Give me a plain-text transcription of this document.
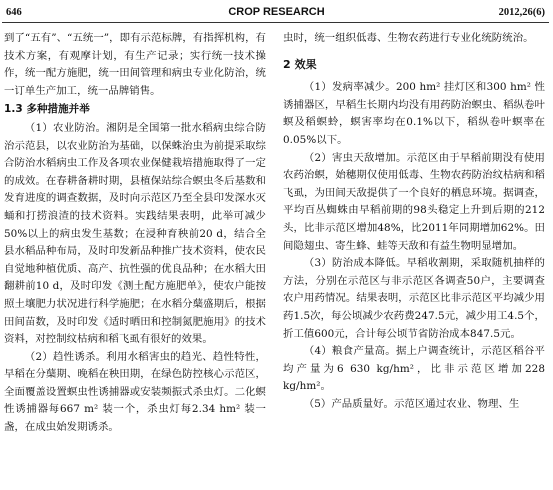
646	CROP RESEARCH	2012,26(6)

到了“五有”、“五统一”，即有示范标牌，有指挥机构，有技术方案，有观摩计划，有生产记录；实行统一技术操作，统一配方施肥，统一田间管理和病虫专业化防治，统一订单生产加工，统一品牌销售。

1.3 多种措施并举

（1）农业防治。湘阴是全国第一批水稻病虫综合防治示范县，以农业防治为基础，以保蛛治虫为前提采取综合防治水稻病虫工作及各项农业保健栽培措施取得了一定的成效。在春耕备耕时期，县植保站综合螟虫冬后基数和发育进度的调查数据，及时向示范区乃至全县印发深水灭蛹和打捞浪渣的技术资料。实践结果表明，此举可减少50%以上的病虫发生基数；在浸种育秧前20 d，结合全县水稻品种布局，及时印发新品种推广技术资料，使农民自觉地种植优质、高产、抗性强的优良品种；在水稻大田翻耕前10 d，及时印发《测土配方施肥单》，使农户能按照土壤肥力状况进行科学施肥；在水稻分蘖盛期后，根据田间苗数，及时印发《适时晒田和控制氮肥施用》的技术资料，对控制纹枯病和稻飞虱有很好的效果。

（2）趋性诱杀。利用水稻害虫的趋光、趋性特性，早稻在分蘖期、晚稻在秧田期，在绿色防控核心示范区，全面覆盖设置螟虫性诱捕器或安装频振式杀虫灯。二化螟性诱捕器每667 m² 装一个，杀虫灯每2.34 hm² 装一盏，在成虫始发期诱杀。

虫时，统一组织低毒、生物农药进行专业化统防统治。

2 效果

（1）发病率减少。200 hm² 挂灯区和300 hm² 性诱捕器区，早稻生长期内均没有用药防治螟虫、稻纵卷叶螟及稻螟蛉，螟害率均在0.1%以下，稻纵卷叶螟率在0.05%以下。

（2）害虫天敌增加。示范区由于早稻前期没有使用农药治螟，始穗期仅使用低毒、生物农药防治纹枯病和稻飞虱，为田间天敌提供了一个良好的栖息环境。据调查，平均百丛蜘蛛由早稻前期的98头稳定上升到后期的212头，比非示范区增加48%，比2011年同期增加62%。田间隐翅虫、寄生蜂、蛙等天敌和有益生物明显增加。

（3）防治成本降低。早稻收割期，采取随机抽样的方法，分别在示范区与非示范区各调查50户，主要调查农户用药情况。结果表明，示范区比非示范区平均减少用药1.5次，每公顷减少农药费247.5元，减少用工4.5个，折工值600元，合计每公顷节省防治成本847.5元。

（4）粮食产量高。据上户调查统计，示范区稻谷平均产量为6 630 kg/hm²，比非示范区增加228 kg/hm²。

（5）产品质量好。示范区通过农业、物理、生
